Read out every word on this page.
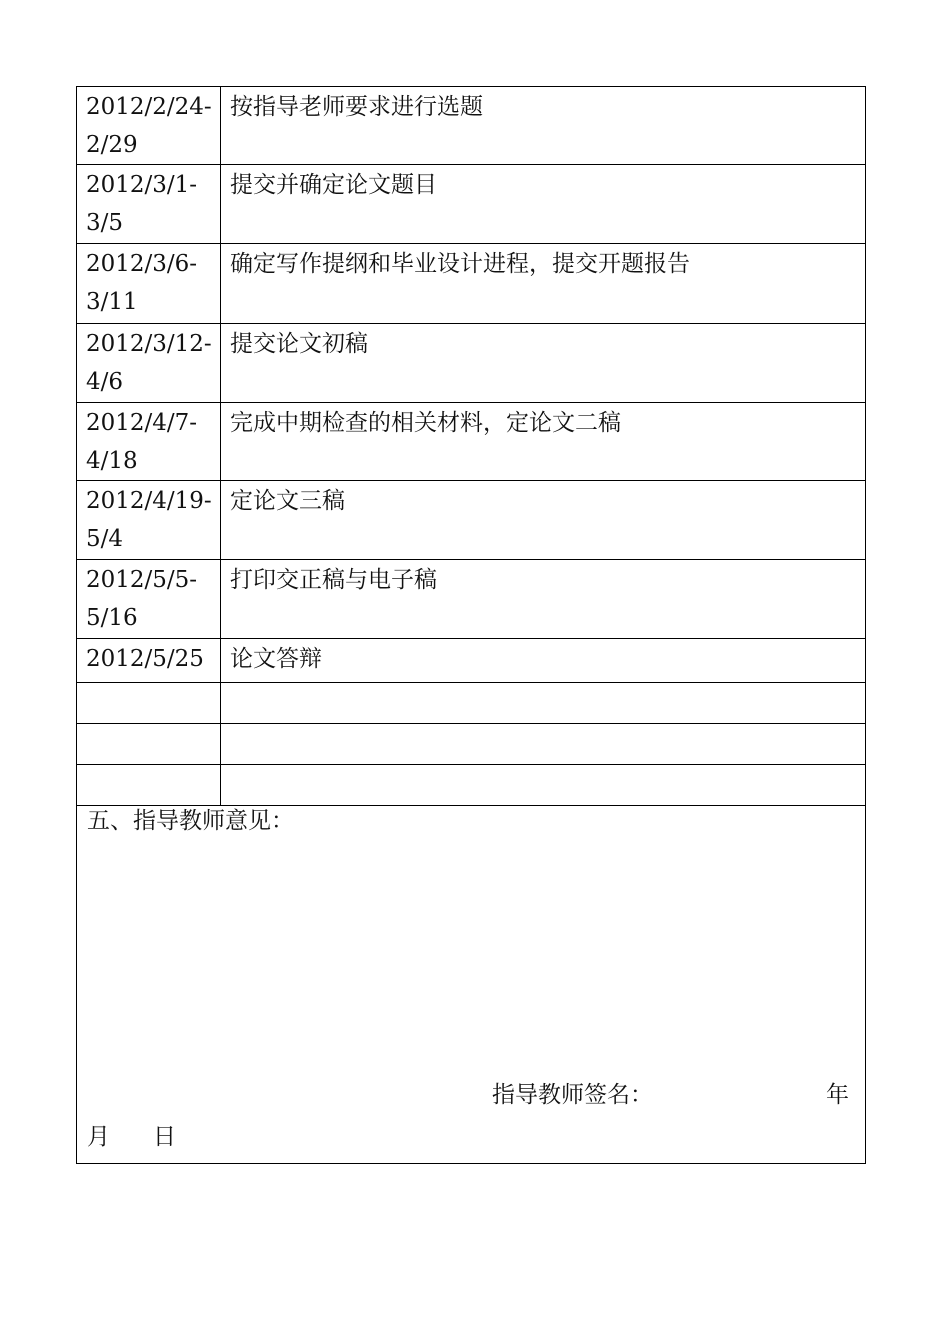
2012/2/24-2/29	按指导老师要求进行选题

2012/3/1-3/5	提交并确定论文题目

2012/3/6-3/11	确定写作提纲和毕业设计进程，提交开题报告

2012/3/12-4/6	提交论文初稿

2012/4/7-4/18	完成中期检查的相关材料，定论文二稿

2012/4/19-5/4	定论文三稿

2012/5/5-5/16	打印交正稿与电子稿

2012/5/25	论文答辩

五、指导教师意见：
指导教师签名： 年
月 日	
